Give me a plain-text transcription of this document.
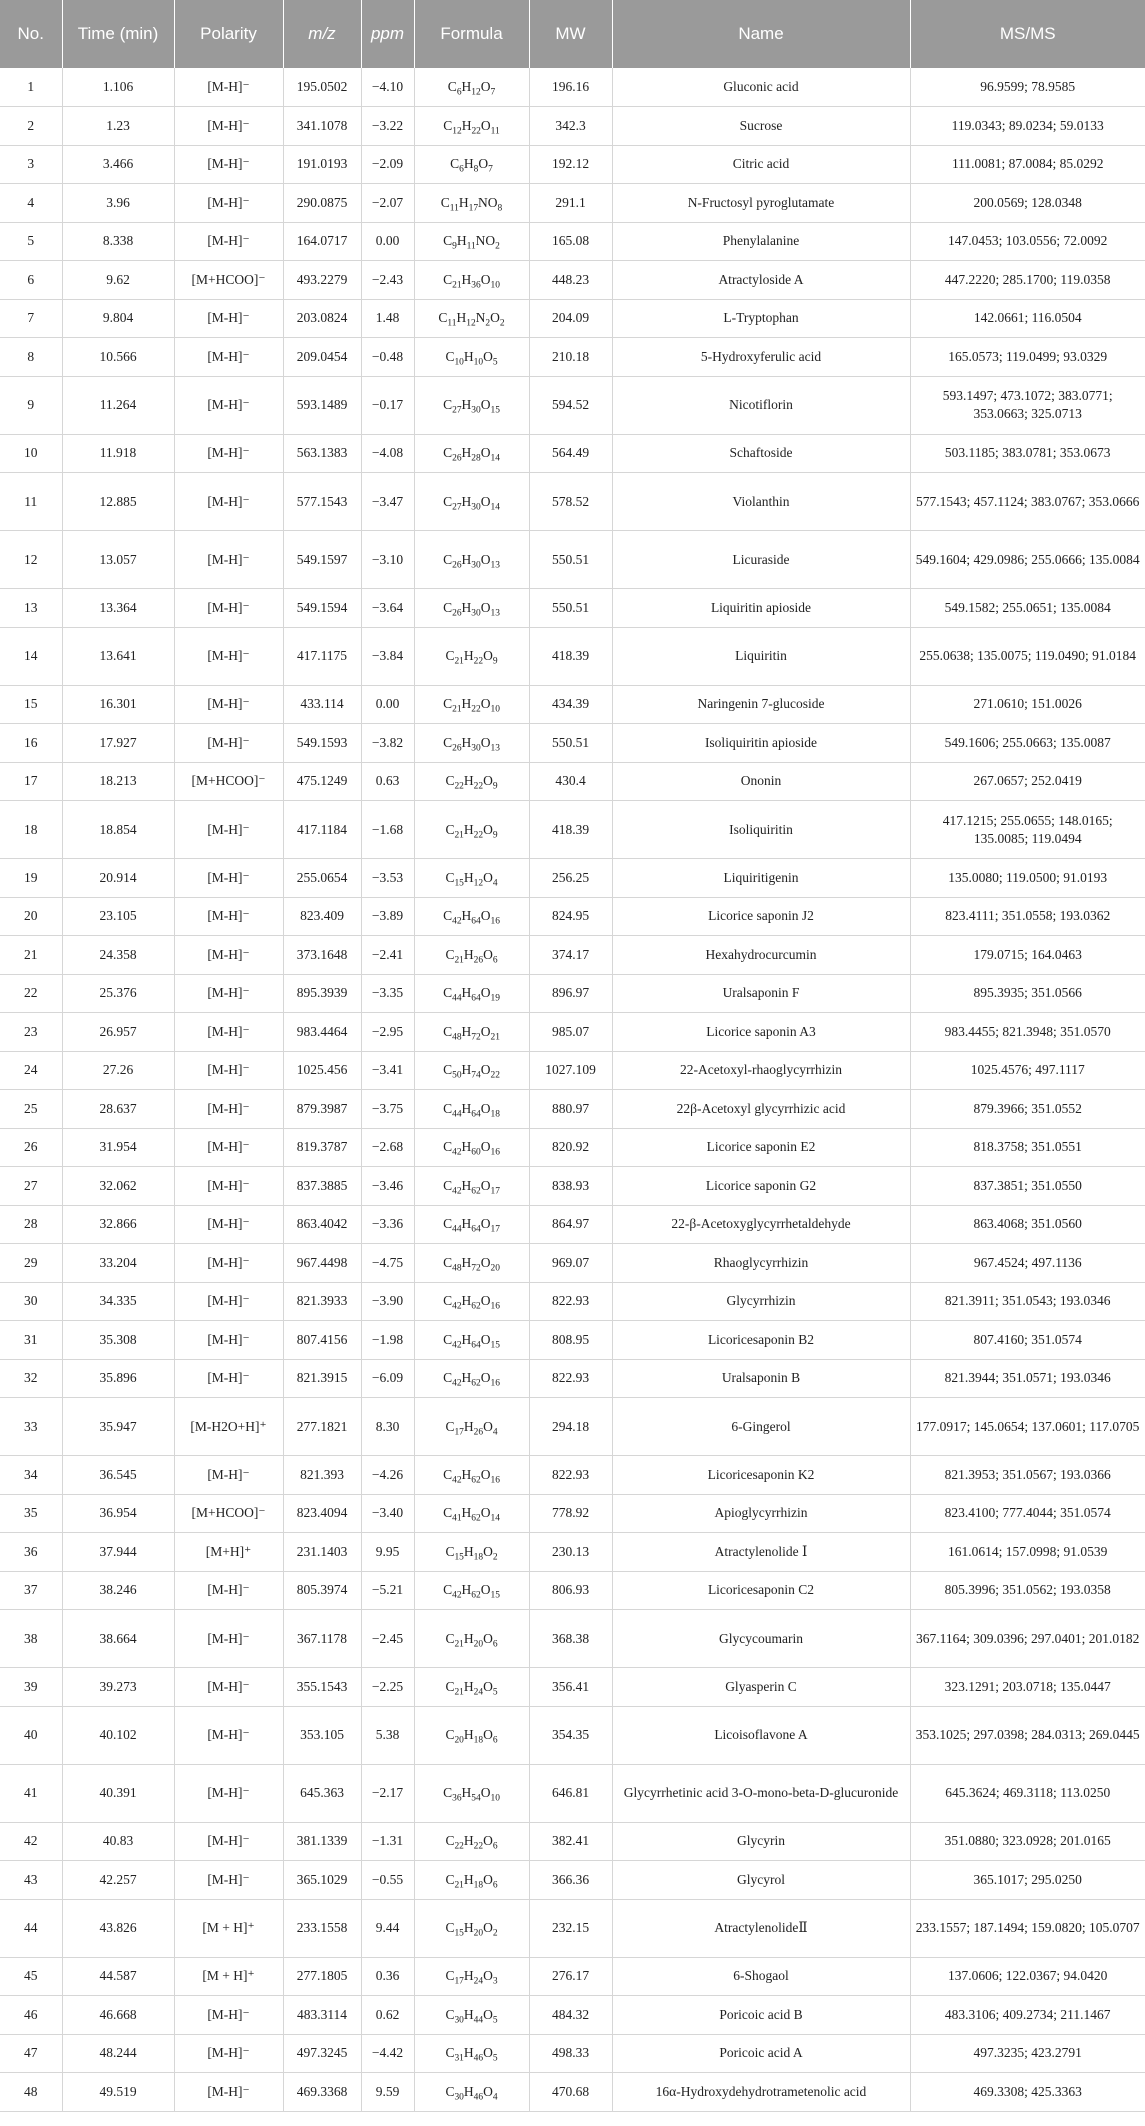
No.	Time (min)	Polarity	m/z	ppm	Formula	MW	Name	MS/MS
1	1.106	[M-H]⁻	195.0502	−4.10	$C_6H_{12}O_7$	196.16	Gluconic acid	96.9599; 78.9585
2	1.23	[M-H]⁻	341.1078	−3.22	$C_{12}H_{22}O_{11}$	342.3	Sucrose	119.0343; 89.0234; 59.0133
3	3.466	[M-H]⁻	191.0193	−2.09	$C_6H_8O_7$	192.12	Citric acid	111.0081; 87.0084; 85.0292
4	3.96	[M-H]⁻	290.0875	−2.07	$C_{11}H_{17}NO_8$	291.1	N-Fructosyl pyroglutamate	200.0569; 128.0348
5	8.338	[M-H]⁻	164.0717	0.00	$C_9H_{11}NO_2$	165.08	Phenylalanine	147.0453; 103.0556; 72.0092
6	9.62	[M+HCOO]⁻	493.2279	−2.43	$C_{21}H_{36}O_{10}$	448.23	Atractyloside A	447.2220; 285.1700; 119.0358
7	9.804	[M-H]⁻	203.0824	1.48	$C_{11}H_{12}N_2O_2$	204.09	L-Tryptophan	142.0661; 116.0504
8	10.566	[M-H]⁻	209.0454	−0.48	$C_{10}H_{10}O_5$	210.18	5-Hydroxyferulic acid	165.0573; 119.0499; 93.0329
9	11.264	[M-H]⁻	593.1489	−0.17	$C_{27}H_{30}O_{15}$	594.52	Nicotiflorin	593.1497; 473.1072; 383.0771; 353.0663; 325.0713
10	11.918	[M-H]⁻	563.1383	−4.08	$C_{26}H_{28}O_{14}$	564.49	Schaftoside	503.1185; 383.0781; 353.0673
11	12.885	[M-H]⁻	577.1543	−3.47	$C_{27}H_{30}O_{14}$	578.52	Violanthin	577.1543; 457.1124; 383.0767; 353.0666
12	13.057	[M-H]⁻	549.1597	−3.10	$C_{26}H_{30}O_{13}$	550.51	Licuraside	549.1604; 429.0986; 255.0666; 135.0084
13	13.364	[M-H]⁻	549.1594	−3.64	$C_{26}H_{30}O_{13}$	550.51	Liquiritin apioside	549.1582; 255.0651; 135.0084
14	13.641	[M-H]⁻	417.1175	−3.84	$C_{21}H_{22}O_9$	418.39	Liquiritin	255.0638; 135.0075; 119.0490; 91.0184
15	16.301	[M-H]⁻	433.114	0.00	$C_{21}H_{22}O_{10}$	434.39	Naringenin 7-glucoside	271.0610; 151.0026
16	17.927	[M-H]⁻	549.1593	−3.82	$C_{26}H_{30}O_{13}$	550.51	Isoliquiritin apioside	549.1606; 255.0663; 135.0087
17	18.213	[M+HCOO]⁻	475.1249	0.63	$C_{22}H_{22}O_9$	430.4	Ononin	267.0657; 252.0419
18	18.854	[M-H]⁻	417.1184	−1.68	$C_{21}H_{22}O_9$	418.39	Isoliquiritin	417.1215; 255.0655; 148.0165; 135.0085; 119.0494
19	20.914	[M-H]⁻	255.0654	−3.53	$C_{15}H_{12}O_4$	256.25	Liquiritigenin	135.0080; 119.0500; 91.0193
20	23.105	[M-H]⁻	823.409	−3.89	$C_{42}H_{64}O_{16}$	824.95	Licorice saponin J2	823.4111; 351.0558; 193.0362
21	24.358	[M-H]⁻	373.1648	−2.41	$C_{21}H_{26}O_6$	374.17	Hexahydrocurcumin	179.0715; 164.0463
22	25.376	[M-H]⁻	895.3939	−3.35	$C_{44}H_{64}O_{19}$	896.97	Uralsaponin F	895.3935; 351.0566
23	26.957	[M-H]⁻	983.4464	−2.95	$C_{48}H_{72}O_{21}$	985.07	Licorice saponin A3	983.4455; 821.3948; 351.0570
24	27.26	[M-H]⁻	1025.456	−3.41	$C_{50}H_{74}O_{22}$	1027.109	22-Acetoxyl-rhaoglycyrrhizin	1025.4576; 497.1117
25	28.637	[M-H]⁻	879.3987	−3.75	$C_{44}H_{64}O_{18}$	880.97	22β-Acetoxyl glycyrrhizic acid	879.3966; 351.0552
26	31.954	[M-H]⁻	819.3787	−2.68	$C_{42}H_{60}O_{16}$	820.92	Licorice saponin E2	818.3758; 351.0551
27	32.062	[M-H]⁻	837.3885	−3.46	$C_{42}H_{62}O_{17}$	838.93	Licorice saponin G2	837.3851; 351.0550
28	32.866	[M-H]⁻	863.4042	−3.36	$C_{44}H_{64}O_{17}$	864.97	22-β-Acetoxyglycyrrhetaldehyde	863.4068; 351.0560
29	33.204	[M-H]⁻	967.4498	−4.75	$C_{48}H_{72}O_{20}$	969.07	Rhaoglycyrrhizin	967.4524; 497.1136
30	34.335	[M-H]⁻	821.3933	−3.90	$C_{42}H_{62}O_{16}$	822.93	Glycyrrhizin	821.3911; 351.0543; 193.0346
31	35.308	[M-H]⁻	807.4156	−1.98	$C_{42}H_{64}O_{15}$	808.95	Licoricesaponin B2	807.4160; 351.0574
32	35.896	[M-H]⁻	821.3915	−6.09	$C_{42}H_{62}O_{16}$	822.93	Uralsaponin B	821.3944; 351.0571; 193.0346
33	35.947	[M-H2O+H]⁺	277.1821	8.30	$C_{17}H_{26}O_4$	294.18	6-Gingerol	177.0917; 145.0654; 137.0601; 117.0705
34	36.545	[M-H]⁻	821.393	−4.26	$C_{42}H_{62}O_{16}$	822.93	Licoricesaponin K2	821.3953; 351.0567; 193.0366
35	36.954	[M+HCOO]⁻	823.4094	−3.40	$C_{41}H_{62}O_{14}$	778.92	Apioglycyrrhizin	823.4100; 777.4044; 351.0574
36	37.944	[M+H]⁺	231.1403	9.95	$C_{15}H_{18}O_2$	230.13	Atractylenolide Ⅰ	161.0614; 157.0998; 91.0539
37	38.246	[M-H]⁻	805.3974	−5.21	$C_{42}H_{62}O_{15}$	806.93	Licoricesaponin C2	805.3996; 351.0562; 193.0358
38	38.664	[M-H]⁻	367.1178	−2.45	$C_{21}H_{20}O_6$	368.38	Glycycoumarin	367.1164; 309.0396; 297.0401; 201.0182
39	39.273	[M-H]⁻	355.1543	−2.25	$C_{21}H_{24}O_5$	356.41	Glyasperin C	323.1291; 203.0718; 135.0447
40	40.102	[M-H]⁻	353.105	5.38	$C_{20}H_{18}O_6$	354.35	Licoisoflavone A	353.1025; 297.0398; 284.0313; 269.0445
41	40.391	[M-H]⁻	645.363	−2.17	$C_{36}H_{54}O_{10}$	646.81	Glycyrrhetinic acid 3-O-mono-beta-D-glucuronide	645.3624; 469.3118; 113.0250
42	40.83	[M-H]⁻	381.1339	−1.31	$C_{22}H_{22}O_6$	382.41	Glycyrin	351.0880; 323.0928; 201.0165
43	42.257	[M-H]⁻	365.1029	−0.55	$C_{21}H_{18}O_6$	366.36	Glycyrol	365.1017; 295.0250
44	43.826	[M + H]⁺	233.1558	9.44	$C_{15}H_{20}O_2$	232.15	AtractylenolideⅡ	233.1557; 187.1494; 159.0820; 105.0707
45	44.587	[M + H]⁺	277.1805	0.36	$C_{17}H_{24}O_3$	276.17	6-Shogaol	137.0606; 122.0367; 94.0420
46	46.668	[M-H]⁻	483.3114	0.62	$C_{30}H_{44}O_5$	484.32	Poricoic acid B	483.3106; 409.2734; 211.1467
47	48.244	[M-H]⁻	497.3245	−4.42	$C_{31}H_{46}O_5$	498.33	Poricoic acid A	497.3235; 423.2791
48	49.519	[M-H]⁻	469.3368	9.59	$C_{30}H_{46}O_4$	470.68	16α-Hydroxydehydrotrametenolic acid	469.3308; 425.3363
